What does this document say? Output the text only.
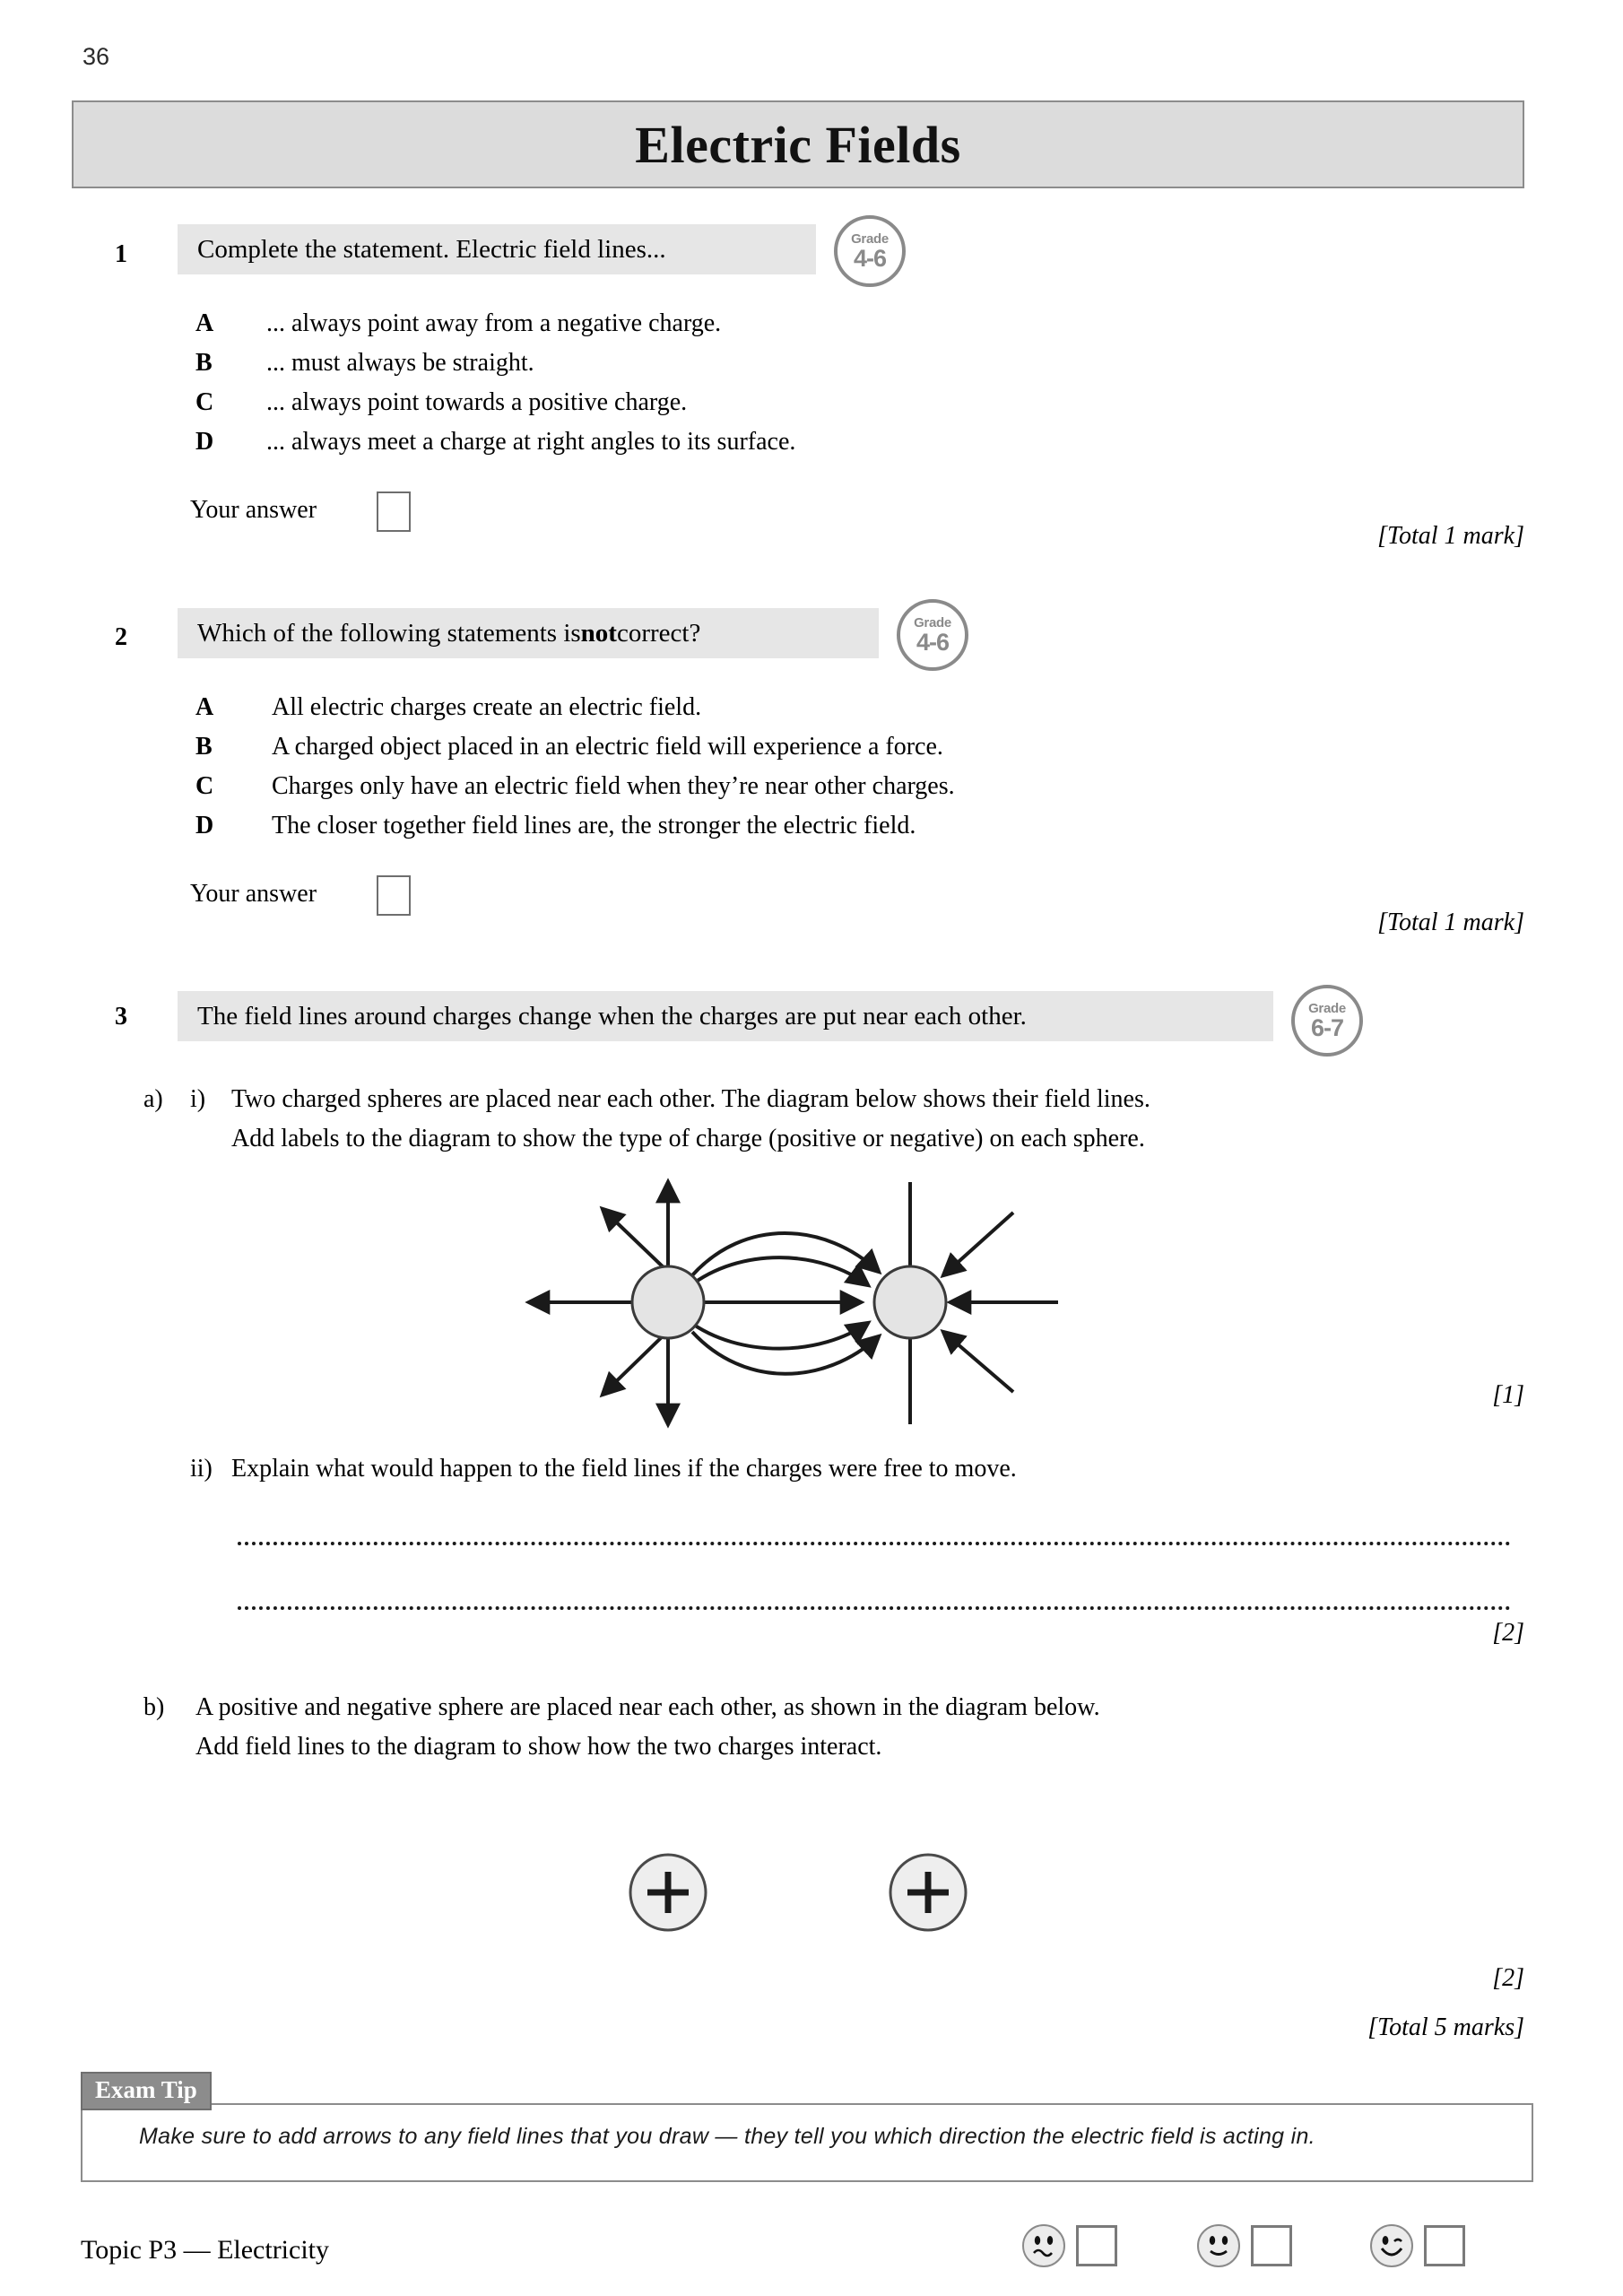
36
Electric Fields
1	Complete the statement. Electric field lines...	Grade
4-6
A ... always point away from a negative charge.
B ... must always be straight.
C ... always point towards a positive charge.
D ... always meet a charge at right angles to its surface.
Your answer
[Total 1 mark]
2	Which of the following statements is not correct?	Grade
4-6
A All electric charges create an electric field.
B A charged object placed in an electric field will experience a force.
C Charges only have an electric field when they’re near other charges.
D The closer together field lines are, the stronger the electric field.
Your answer
[Total 1 mark]
3	The field lines around charges change when the charges are put near each other.	Grade
6-7
a) i) Two charged spheres are placed near each other. The diagram below shows their field lines.
Add labels to the diagram to show the type of charge (positive or negative) on each sphere.
[1]
ii) Explain what would happen to the field lines if the charges were free to move.
[2]
b) A positive and negative sphere are placed near each other, as shown in the diagram below.
Add field lines to the diagram to show how the two charges interact.
[2]
[Total 5 marks]
Exam Tip
Make sure to add arrows to any field lines that you draw — they tell you which direction the electric field is acting in.
Topic P3 — Electricity
